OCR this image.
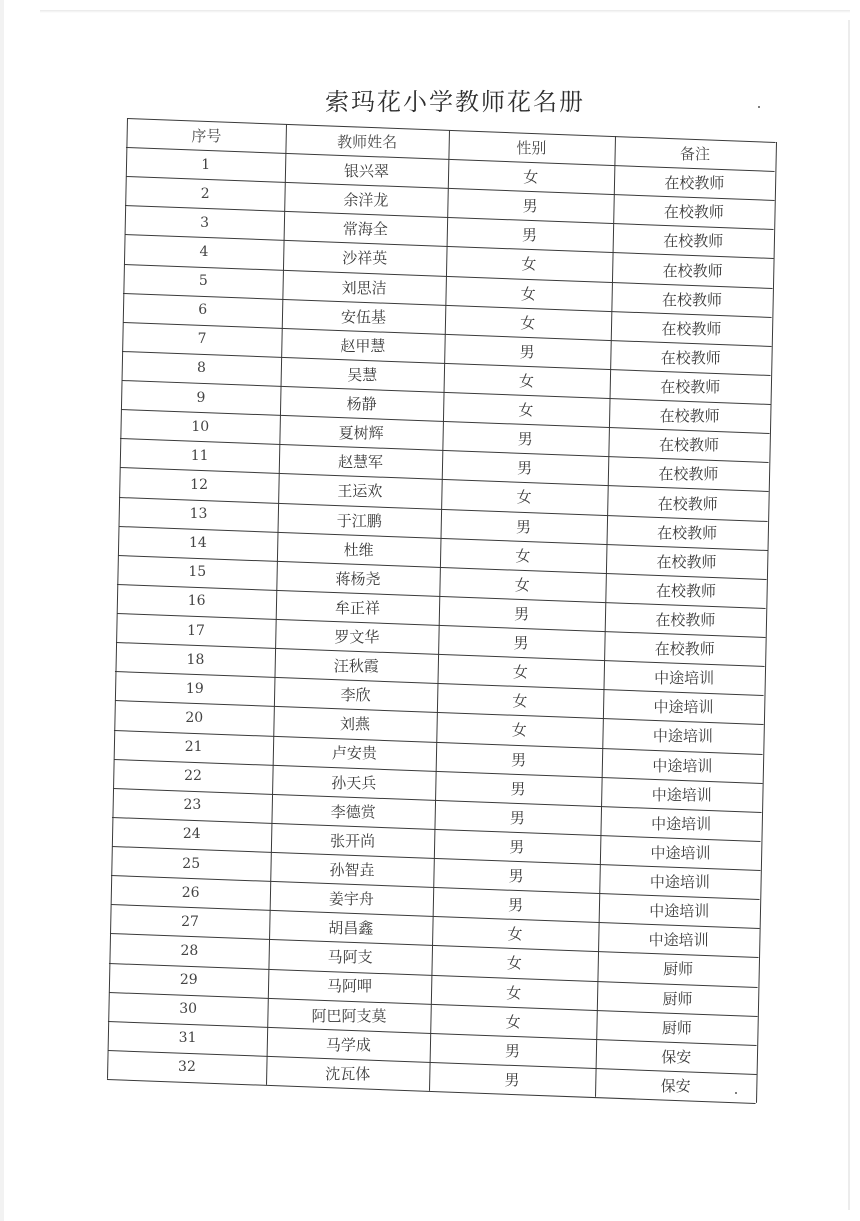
索玛花小学教师花名册
序号	教师姓名	性别	备注
1	银兴翠	女	在校教师
2	余洋龙	男	在校教师
3	常海全	男	在校教师
4	沙祥英	女	在校教师
5	刘思洁	女	在校教师
6	安伍基	女	在校教师
7	赵甲慧	男	在校教师
8	吴慧	女	在校教师
9	杨静	女	在校教师
10	夏树辉	男	在校教师
11	赵慧军	男	在校教师
12	王运欢	女	在校教师
13	于江鹏	男	在校教师
14	杜维	女	在校教师
15	蒋杨尧	女	在校教师
16	牟正祥	男	在校教师
17	罗文华	男	在校教师
18	汪秋霞	女	中途培训
19	李欣	女	中途培训
20	刘燕	女	中途培训
21	卢安贵	男	中途培训
22	孙天兵	男	中途培训
23	李德赏	男	中途培训
24	张开尚	男	中途培训
25	孙智垚	男	中途培训
26	姜宇舟	男	中途培训
27	胡昌鑫	女	中途培训
28	马阿支	女	厨师
29	马阿呷	女	厨师
30	阿巴阿支莫	女	厨师
31	马学成	男	保安
32	沈瓦体	男	保安
